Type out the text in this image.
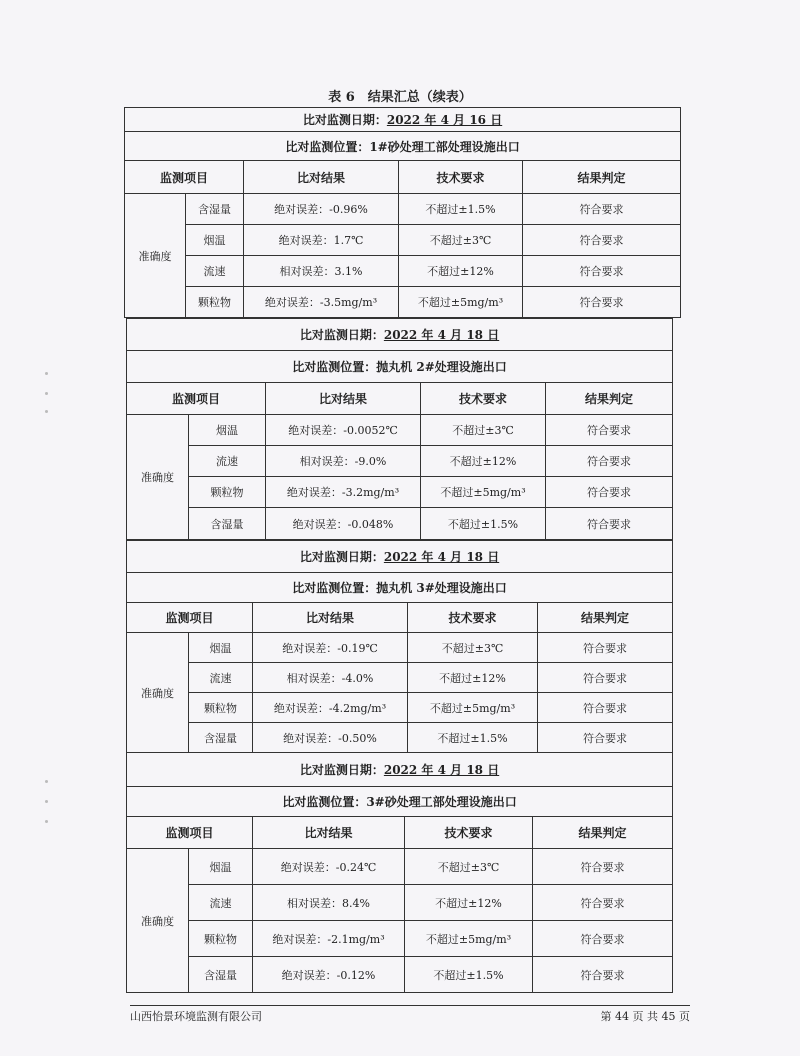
表 6　结果汇总（续表）
比对监测日期：2022 年 4 月 16 日				
比对监测位置：1#砂处理工部处理设施出口				
监测项目		比对结果	技术要求	结果判定
准确度	含湿量	绝对误差：-0.96%	不超过±1.5%	符合要求
	烟温	绝对误差：1.7℃	不超过±3℃	符合要求
	流速	相对误差：3.1%	不超过±12%	符合要求
	颗粒物	绝对误差：-3.5mg/m³	不超过±5mg/m³	符合要求
比对监测日期：2022 年 4 月 18 日				
比对监测位置：抛丸机 2#处理设施出口				
监测项目		比对结果	技术要求	结果判定
准确度	烟温	绝对误差：-0.0052℃	不超过±3℃	符合要求
	流速	相对误差：-9.0%	不超过±12%	符合要求
	颗粒物	绝对误差：-3.2mg/m³	不超过±5mg/m³	符合要求
	含湿量	绝对误差：-0.048%	不超过±1.5%	符合要求
比对监测日期：2022 年 4 月 18 日				
比对监测位置：抛丸机 3#处理设施出口				
监测项目		比对结果	技术要求	结果判定
准确度	烟温	绝对误差：-0.19℃	不超过±3℃	符合要求
	流速	相对误差：-4.0%	不超过±12%	符合要求
	颗粒物	绝对误差：-4.2mg/m³	不超过±5mg/m³	符合要求
	含湿量	绝对误差：-0.50%	不超过±1.5%	符合要求
比对监测日期：2022 年 4 月 18 日				
比对监测位置：3#砂处理工部处理设施出口				
监测项目		比对结果	技术要求	结果判定
准确度	烟温	绝对误差：-0.24℃	不超过±3℃	符合要求
	流速	相对误差：8.4%	不超过±12%	符合要求
	颗粒物	绝对误差：-2.1mg/m³	不超过±5mg/m³	符合要求
	含湿量	绝对误差：-0.12%	不超过±1.5%	符合要求
山西怡景环境监测有限公司	第 44 页 共 45 页
